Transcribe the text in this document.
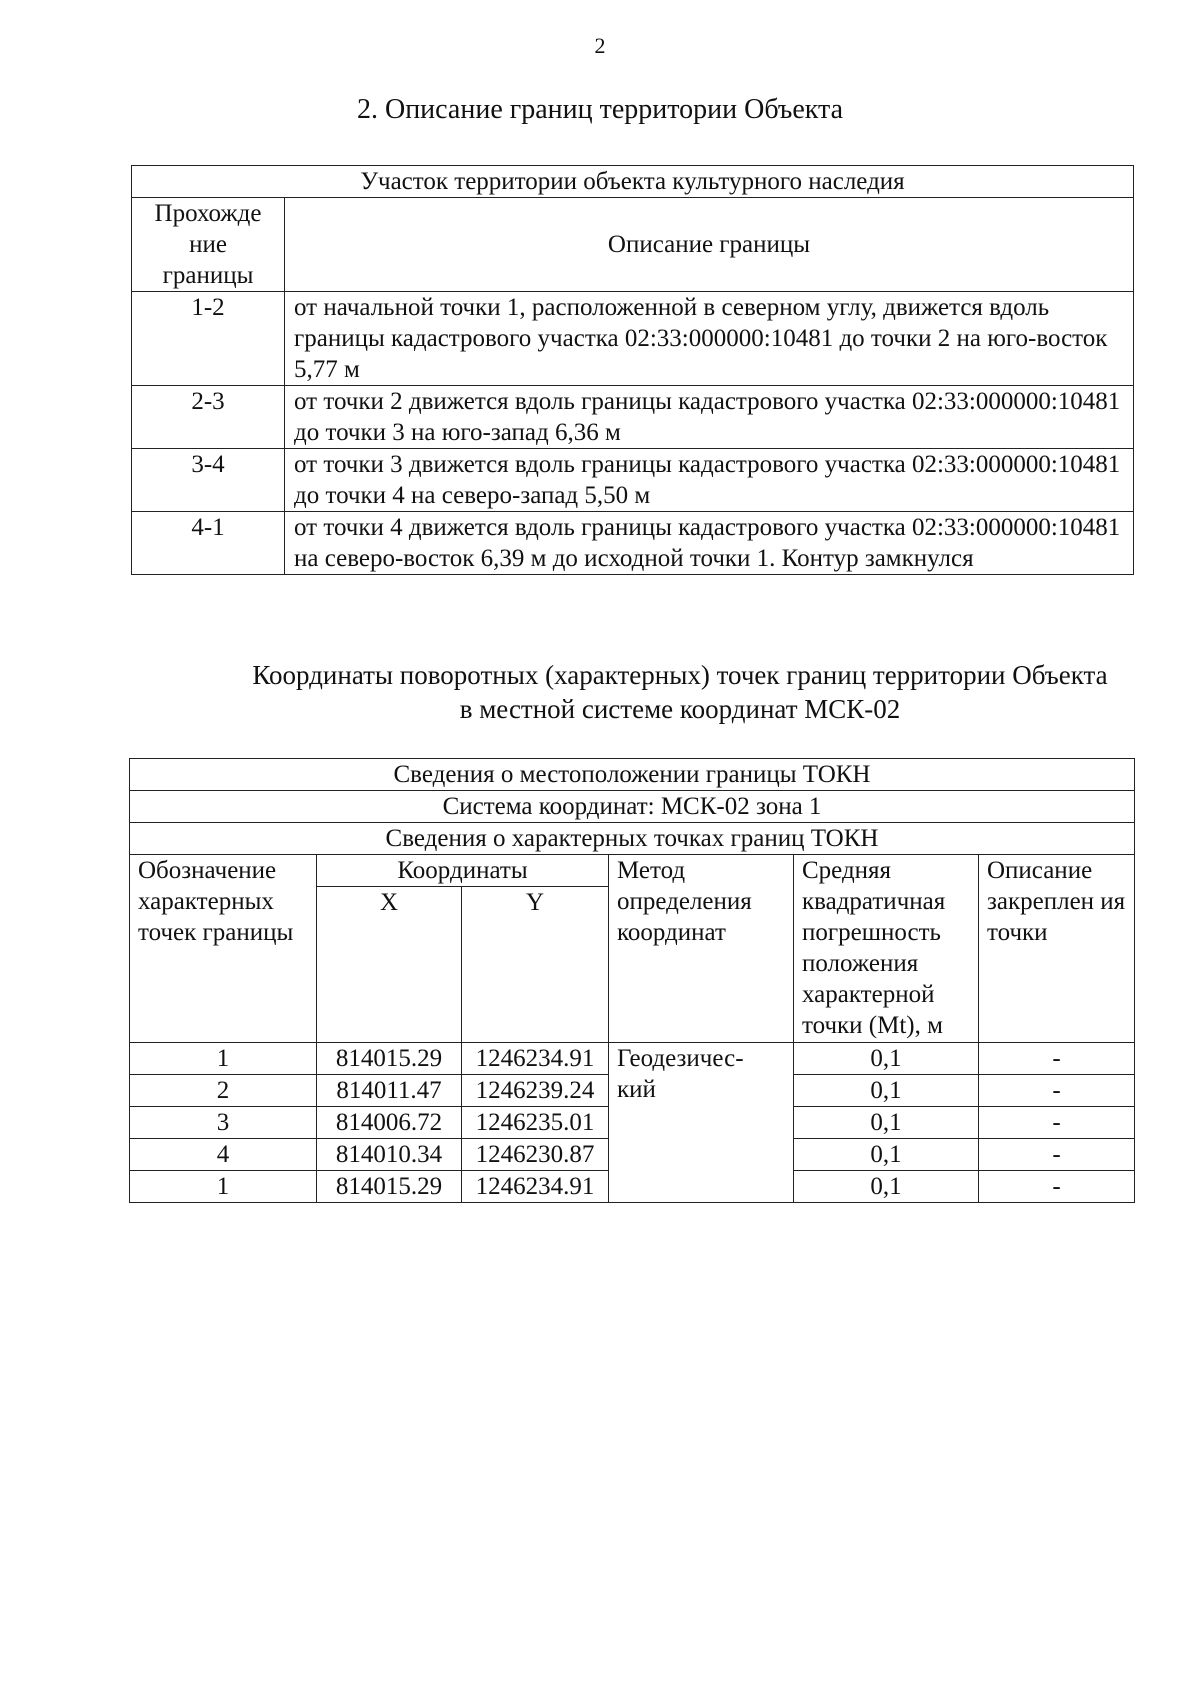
2
2. Описание границ территории Объекта
Участок территории объекта культурного наследия	
Прохожде ние границы	Описание границы
1-2	от начальной точки 1, расположенной в северном углу, движется вдоль границы кадастрового участка 02:33:000000:10481 до точки 2 на юго-восток 5,77 м
2-3	от точки 2 движется вдоль границы кадастрового участка 02:33:000000:10481 до точки 3 на юго-запад 6,36 м
3-4	от точки 3 движется вдоль границы кадастрового участка 02:33:000000:10481 до точки 4 на северо-запад 5,50 м
4-1	от точки 4 движется вдоль границы кадастрового участка 02:33:000000:10481 на северо-восток 6,39 м до исходной точки 1. Контур замкнулся
Координаты поворотных (характерных) точек границ территории Объекта в местной системе координат МСК-02
Сведения о местоположении границы ТОКН					
Система координат: МСК-02 зона 1					
Сведения о характерных точках границ ТОКН					
Обозначение характерных точек границы	Координаты		Метод определения координат	Средняя квадратичная погрешность положения характерной точки (Mt), м	Описание закреплен ия точки
	X	Y			
1	814015.29	1246234.91	Геодезичес- кий	0,1	-
2	814011.47	1246239.24		0,1	-
3	814006.72	1246235.01		0,1	-
4	814010.34	1246230.87		0,1	-
1	814015.29	1246234.91		0,1	-
